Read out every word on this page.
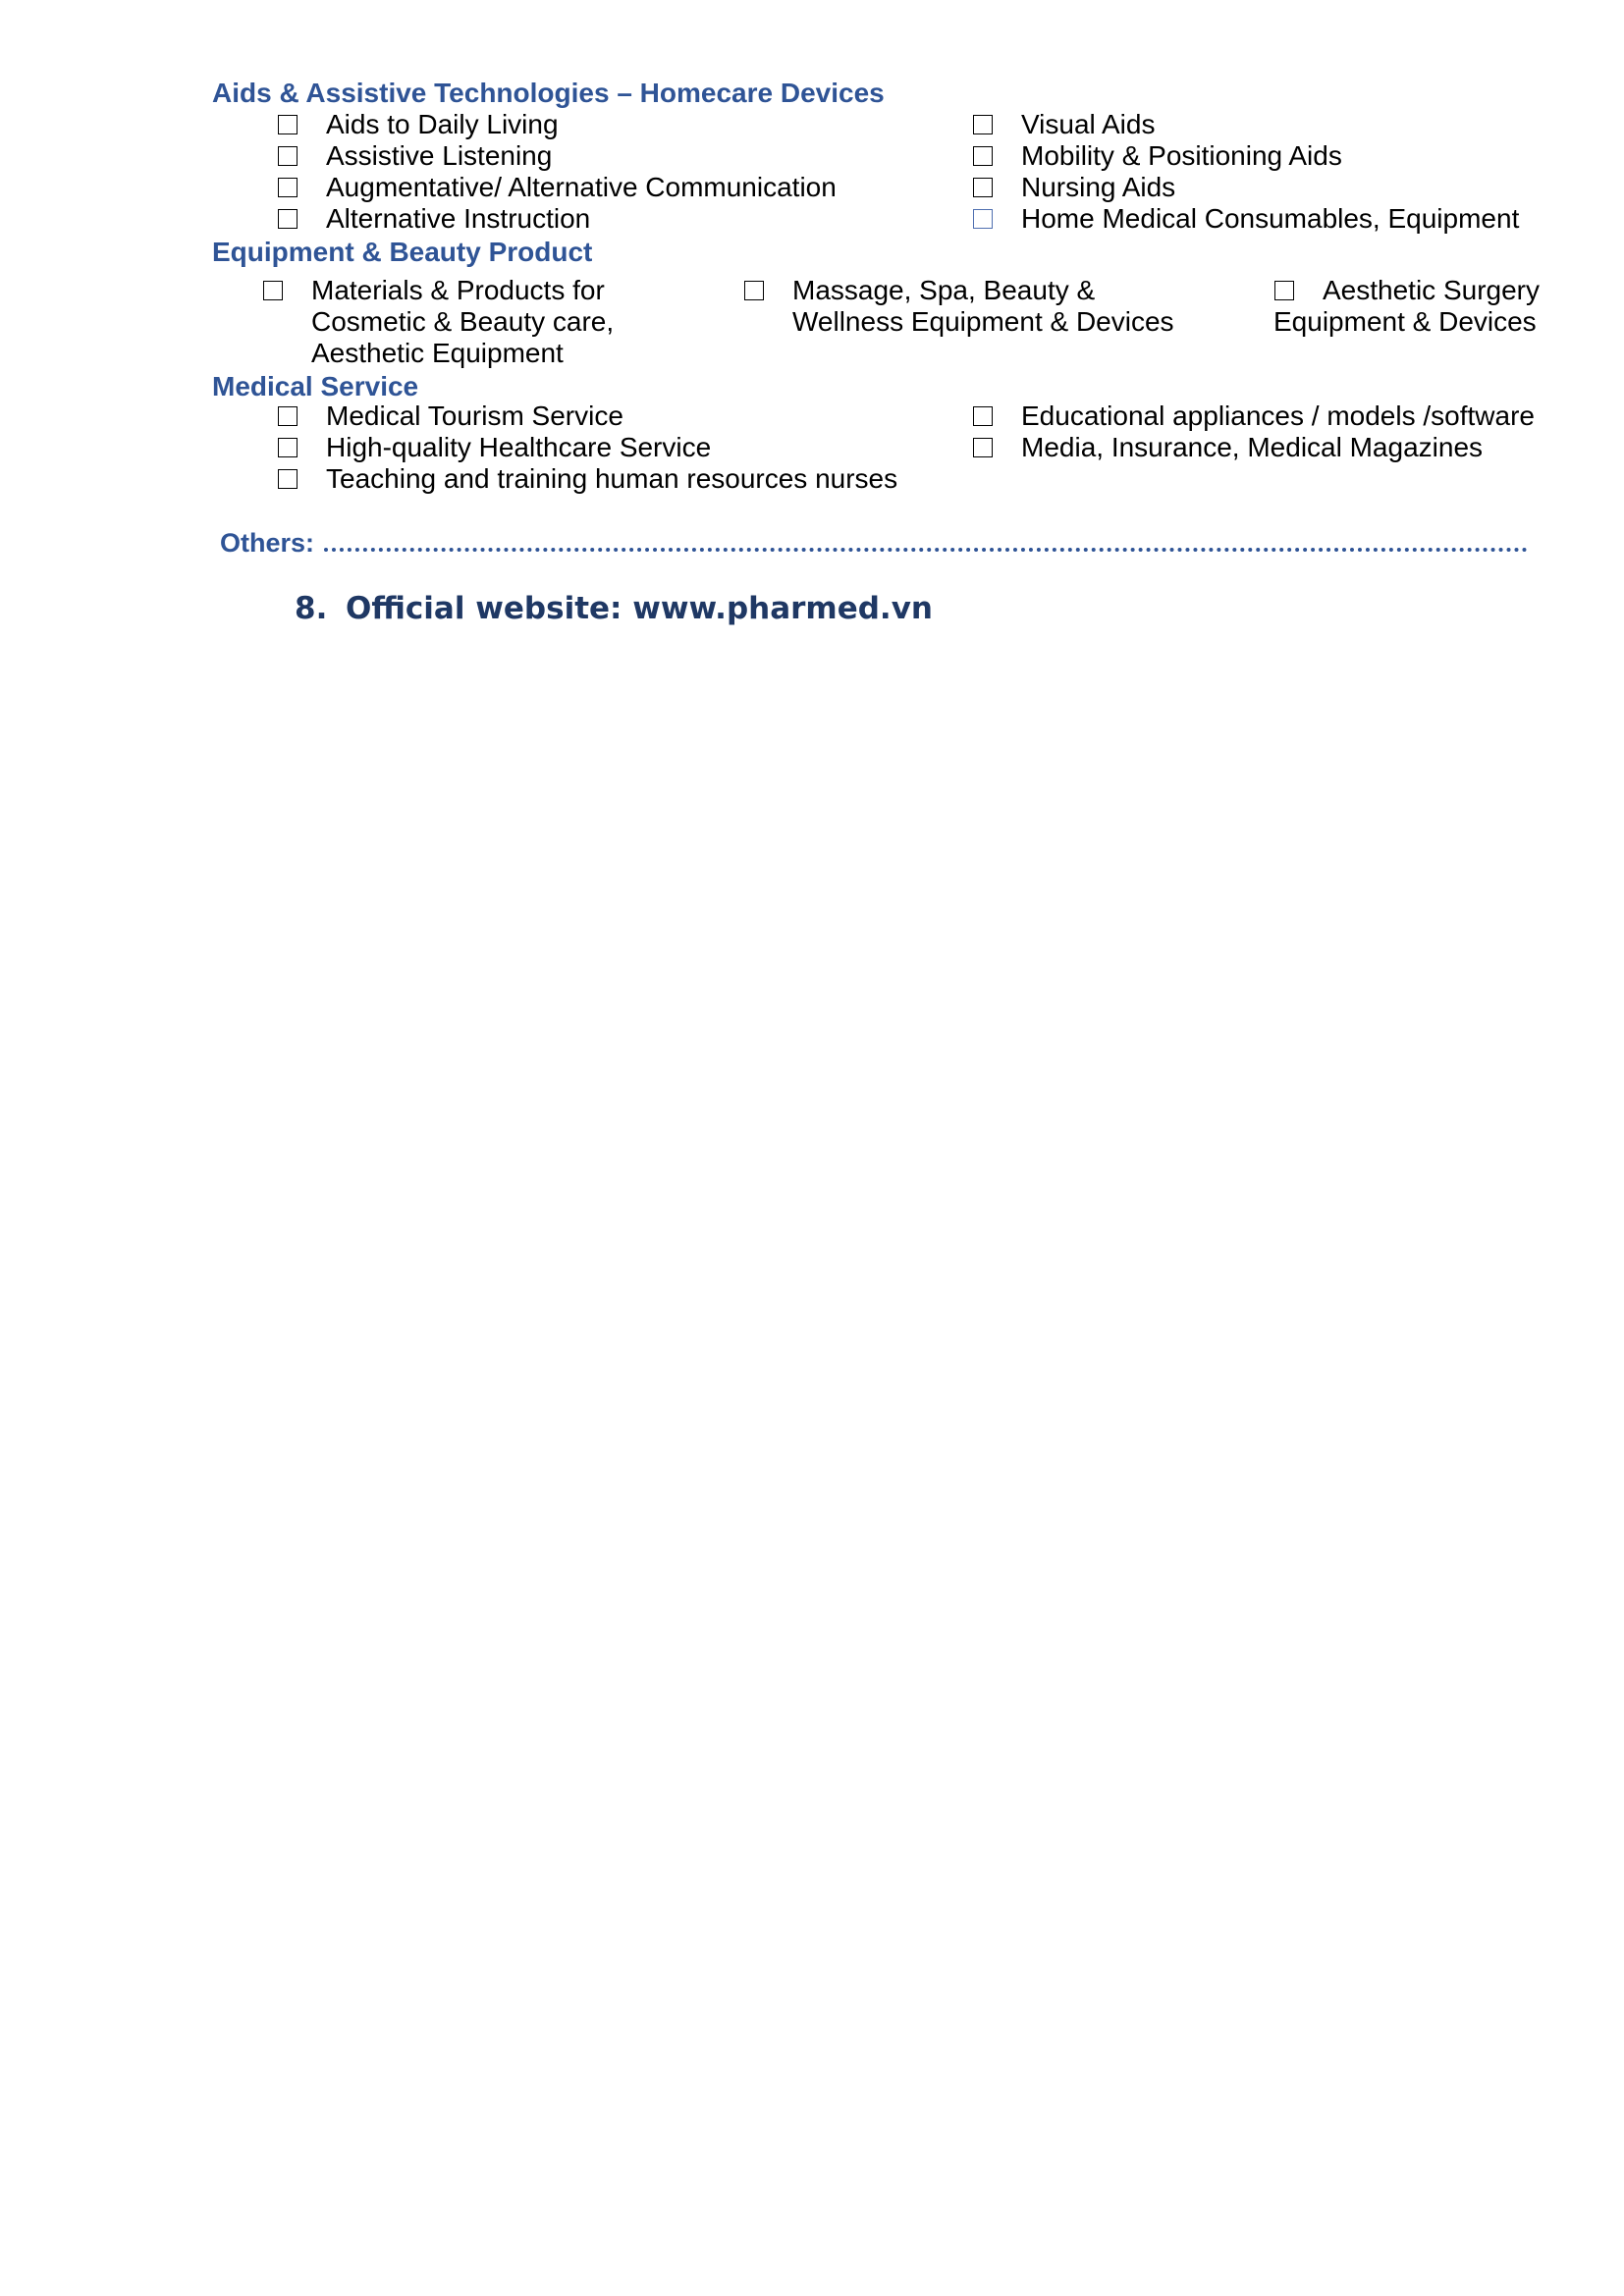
Aids & Assistive Technologies – Homecare Devices
Aids to Daily Living
Assistive Listening
Augmentative/ Alternative Communication
Alternative Instruction
Visual Aids
Mobility & Positioning Aids
Nursing Aids
Home Medical Consumables, Equipment
Equipment & Beauty Product
Materials & Products for
Cosmetic & Beauty care,
Aesthetic Equipment
Massage, Spa, Beauty &
Wellness Equipment & Devices
Aesthetic Surgery
Equipment & Devices
Medical Service
Medical Tourism Service
High-quality Healthcare Service
Teaching and training human resources nurses
Educational appliances / models /software
Media, Insurance, Medical Magazines
Others:
8. Official website: www.pharmed.vn
